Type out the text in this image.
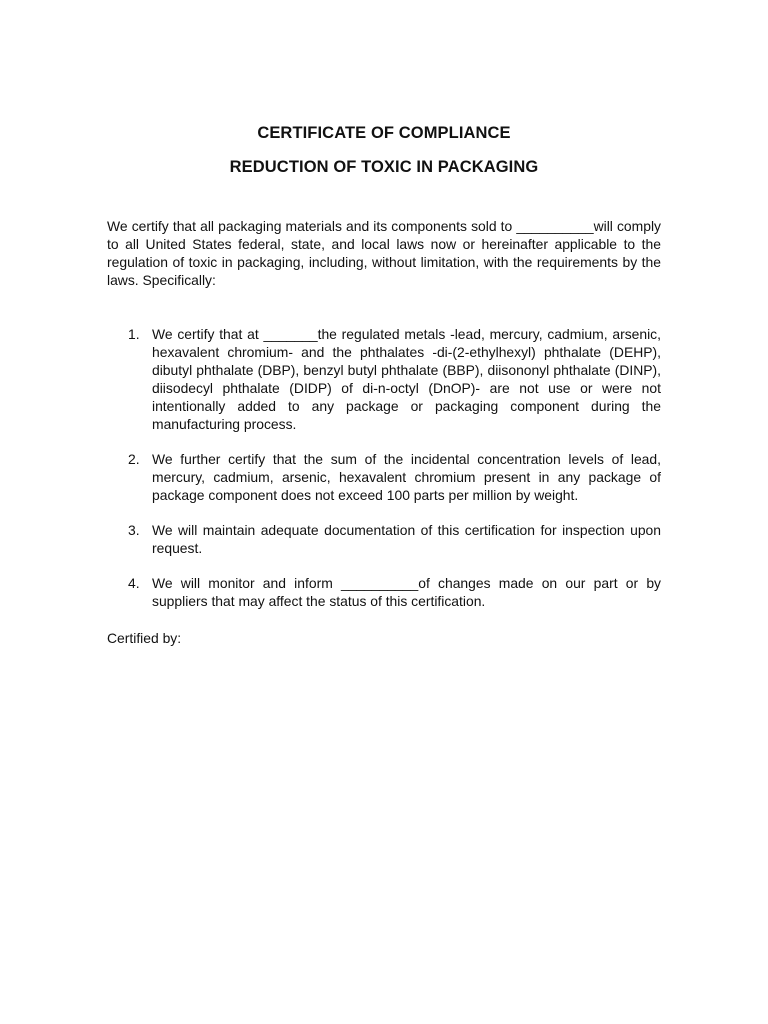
CERTIFICATE OF COMPLIANCE
REDUCTION OF TOXIC IN PACKAGING
We certify that all packaging materials and its components sold to __________will comply to all United States federal, state, and local laws now or hereinafter applicable to the regulation of toxic in packaging, including, without limitation, with the requirements by the laws. Specifically:
1. We certify that at _______the regulated metals -lead, mercury, cadmium, arsenic, hexavalent chromium- and the phthalates -di-(2-ethylhexyl) phthalate (DEHP), dibutyl phthalate (DBP), benzyl butyl phthalate (BBP), diisononyl phthalate (DINP), diisodecyl phthalate (DIDP) of di-n-octyl (DnOP)- are not use or were not intentionally added to any package or packaging component during the manufacturing process.
2. We further certify that the sum of the incidental concentration levels of lead, mercury, cadmium, arsenic, hexavalent chromium present in any package of package component does not exceed 100 parts per million by weight.
3. We will maintain adequate documentation of this certification for inspection upon request.
4. We will monitor and inform __________of changes made on our part or by suppliers that may affect the status of this certification.
Certified by:
